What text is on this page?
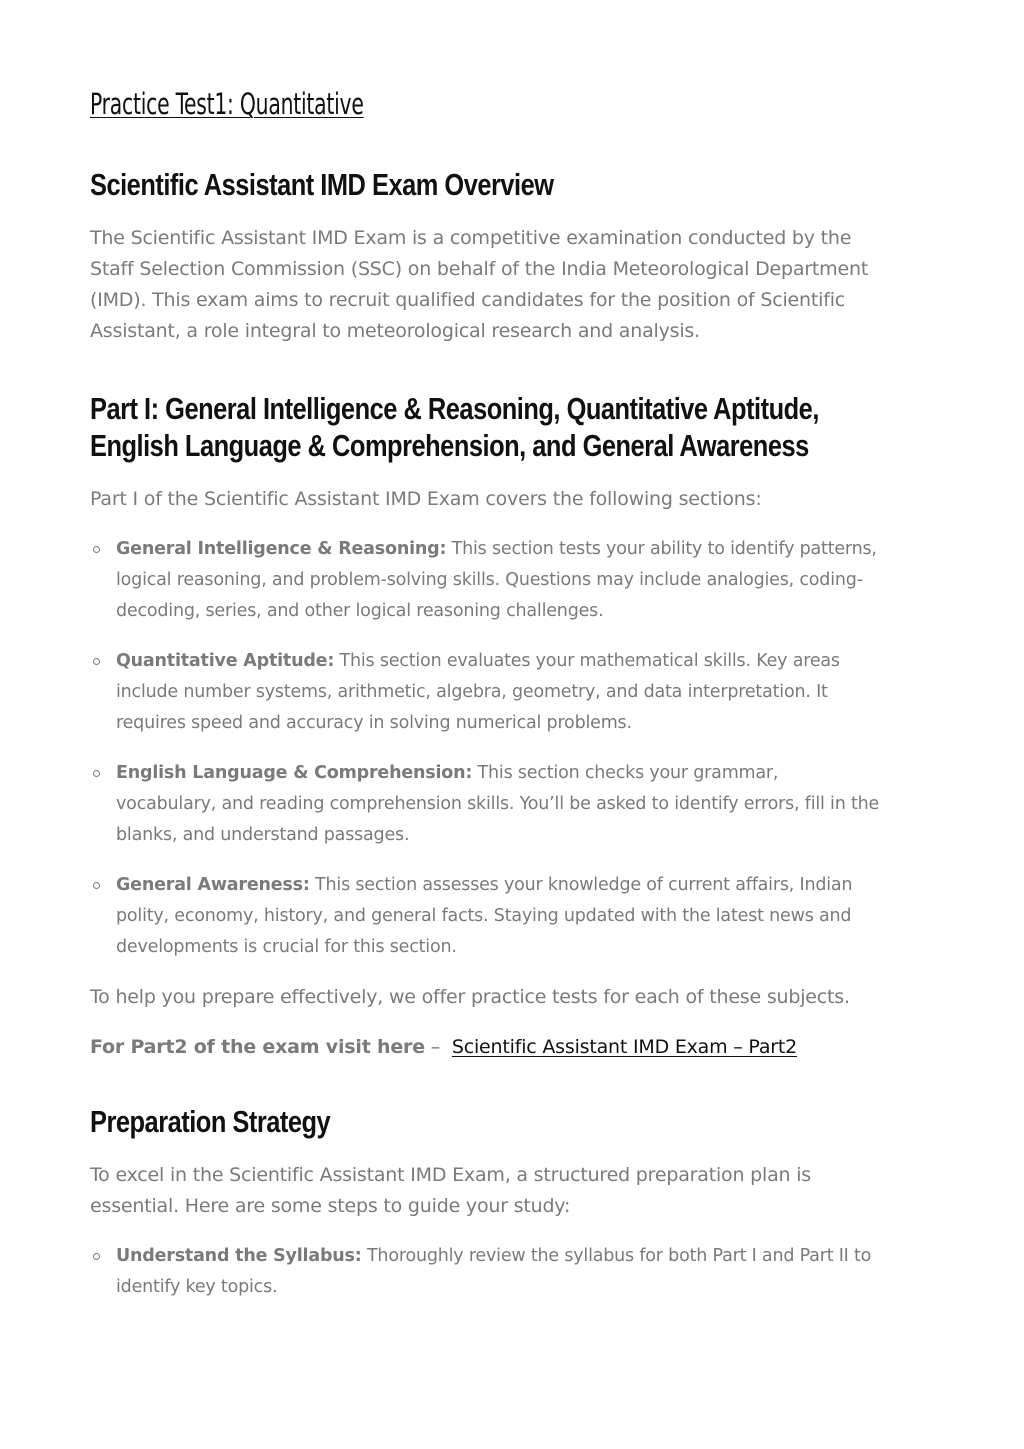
Practice Test1: Quantitative
Scientific Assistant IMD Exam Overview

The Scientific Assistant IMD Exam is a competitive examination conducted by the Staff Selection Commission (SSC) on behalf of the India Meteorological Department (IMD). This exam aims to recruit qualified candidates for the position of Scientific Assistant, a role integral to meteorological research and analysis.

Part I: General Intelligence & Reasoning, Quantitative Aptitude,
English Language & Comprehension, and General Awareness

Part I of the Scientific Assistant IMD Exam covers the following sections:

General Intelligence & Reasoning: This section tests your ability to identify patterns, logical reasoning, and problem-solving skills. Questions may include analogies, coding-decoding, series, and other logical reasoning challenges.
Quantitative Aptitude: This section evaluates your mathematical skills. Key areas include number systems, arithmetic, algebra, geometry, and data interpretation. It requires speed and accuracy in solving numerical problems.
English Language & Comprehension: This section checks your grammar, vocabulary, and reading comprehension skills. You’ll be asked to identify errors, fill in the blanks, and understand passages.
General Awareness: This section assesses your knowledge of current affairs, Indian polity, economy, history, and general facts. Staying updated with the latest news and developments is crucial for this section.

To help you prepare effectively, we offer practice tests for each of these subjects.

For Part2 of the exam visit here – Scientific Assistant IMD Exam – Part2

Preparation Strategy

To excel in the Scientific Assistant IMD Exam, a structured preparation plan is essential. Here are some steps to guide your study:

Understand the Syllabus: Thoroughly review the syllabus for both Part I and Part II to identify key topics.
